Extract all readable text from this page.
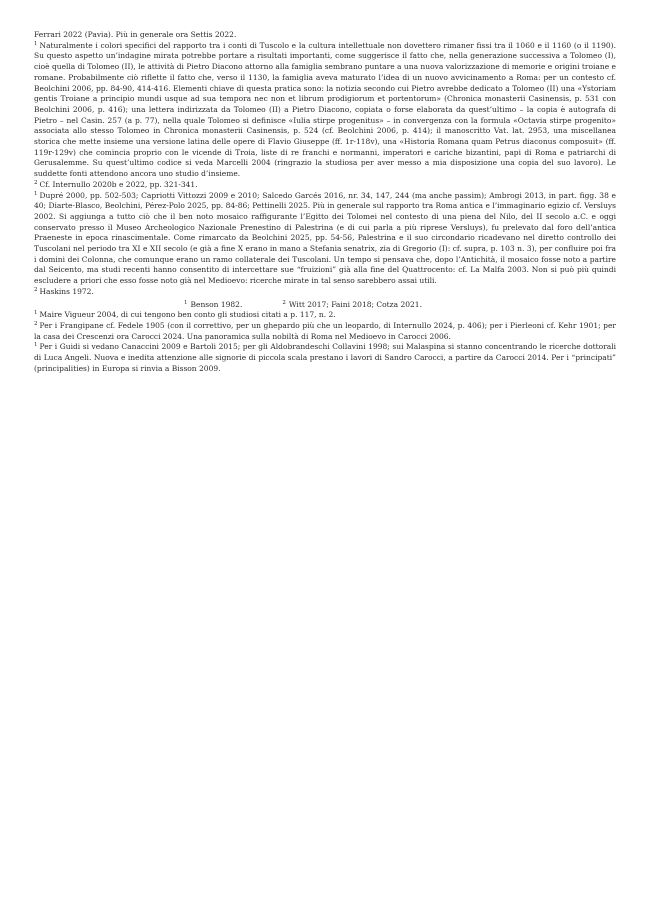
Ferrari 2022 (Pavia). Più in generale ora Settis 2022.

$^1$ Naturalmente i colori specifici del rapporto tra i conti di Tuscolo e la cultura intellettuale non dovettero rimaner fissi tra il 1060 e il 1160 (o il 1190). Su questo aspetto un’indagine mirata potrebbe portare a risultati importanti, come suggerisce il fatto che, nella generazione successiva a Tolomeo (I), cioè quella di Tolomeo (II), le attività di Pietro Diacono attorno alla famiglia sembrano puntare a una nuova valorizzazione di memorie e origini troiane e romane. Probabilmente ciò riflette il fatto che, verso il 1130, la famiglia aveva maturato l’idea di un nuovo avvicinamento a Roma: per un contesto cf. Beolchini 2006, pp. 84-90, 414-416. Elementi chiave di questa pratica sono: la notizia secondo cui Pietro avrebbe dedicato a Tolomeo (II) una «Ystoriam gentis Troiane a principio mundi usque ad sua tempora nec non et librum prodigiorum et portentorum» (Chronica monasterii Casinensis, p. 531 con Beolchini 2006, p. 416); una lettera indirizzata da Tolomeo (II) a Pietro Diacono, copiata o forse elaborata da quest’ultimo – la copia è autografa di Pietro – nel Casin. 257 (a p. 77), nella quale Tolomeo si definisce «Iulia stirpe progenitus» – in convergenza con la formula «Octavia stirpe progenito» associata allo stesso Tolomeo in Chronica monasterii Casinensis, p. 524 (cf. Beolchini 2006, p. 414); il manoscritto Vat. lat. 2953, una miscellanea storica che mette insieme una versione latina delle opere di Flavio Giuseppe (ff. 1r-118v), una «Historia Romana quam Petrus diaconus composuit» (ff. 119r-129v) che comincia proprio con le vicende di Troia, liste di re franchi e normanni, imperatori e cariche bizantini, papi di Roma e patriarchi di Gerusalemme. Su quest’ultimo codice si veda Marcelli 2004 (ringrazio la studiosa per aver messo a mia disposizione una copia del suo lavoro). Le suddette fonti attendono ancora uno studio d’insieme.

$^2$ Cf. Internullo 2020b e 2022, pp. 321-341.

$^1$ Dupré 2000, pp. 502-503; Capriotti Vittozzi 2009 e 2010; Salcedo Garcés 2016, nr. 34, 147, 244 (ma anche passim); Ambrogi 2013, in part. figg. 38 e 40; Diarte-Blasco, Beolchini, Pérez-Polo 2025, pp. 84-86; Pettinelli 2025. Più in generale sul rapporto tra Roma antica e l’immaginario egizio cf. Versluys 2002. Si aggiunga a tutto ciò che il ben noto mosaico raffigurante l’Egitto dei Tolomei nel contesto di una piena del Nilo, del II secolo a.C. e oggi conservato presso il Museo Archeologico Nazionale Prenestino di Palestrina (e di cui parla a più riprese Versluys), fu prelevato dal foro dell’antica Praeneste in epoca rinascimentale. Come rimarcato da Beolchini 2025, pp. 54-56, Palestrina e il suo circondario ricadevano nel diretto controllo dei Tuscolani nel periodo tra XI e XII secolo (e già a fine X erano in mano a Stefania senatrix, zia di Gregorio (I): cf. supra, p. 103 n. 3), per confluire poi fra i domini dei Colonna, che comunque erano un ramo collaterale dei Tuscolani. Un tempo si pensava che, dopo l’Antichità, il mosaico fosse noto a partire dal Seicento, ma studi recenti hanno consentito di intercettare sue “fruizioni” già alla fine del Quattrocento: cf. La Malfa 2003. Non si può più quindi escludere a priori che esso fosse noto già nel Medioevo: ricerche mirate in tal senso sarebbero assai utili.

$^2$ Haskins 1972.

$^1$ Benson 1982.	$^2$ Witt 2017; Faini 2018; Cotza 2021.

$^1$ Maire Vigueur 2004, di cui tengono ben conto gli studiosi citati a p. 117, n. 2.

$^2$ Per i Frangipane cf. Fedele 1905 (con il correttivo, per un ghepardo più che un leopardo, di Internullo 2024, p. 406); per i Pierleoni cf. Kehr 1901; per la casa dei Crescenzi ora Carocci 2024. Una panoramica sulla nobiltà di Roma nel Medioevo in Carocci 2006.

$^1$ Per i Guidi si vedano Canaccini 2009 e Bartoli 2015; per gli Aldobrandeschi Collavini 1998; sui Malaspina si stanno concentrando le ricerche dottorali di Luca Angeli. Nuova e inedita attenzione alle signorie di piccola scala prestano i lavori di Sandro Carocci, a partire da Carocci 2014. Per i “principati” (principalities) in Europa si rinvia a Bisson 2009.
